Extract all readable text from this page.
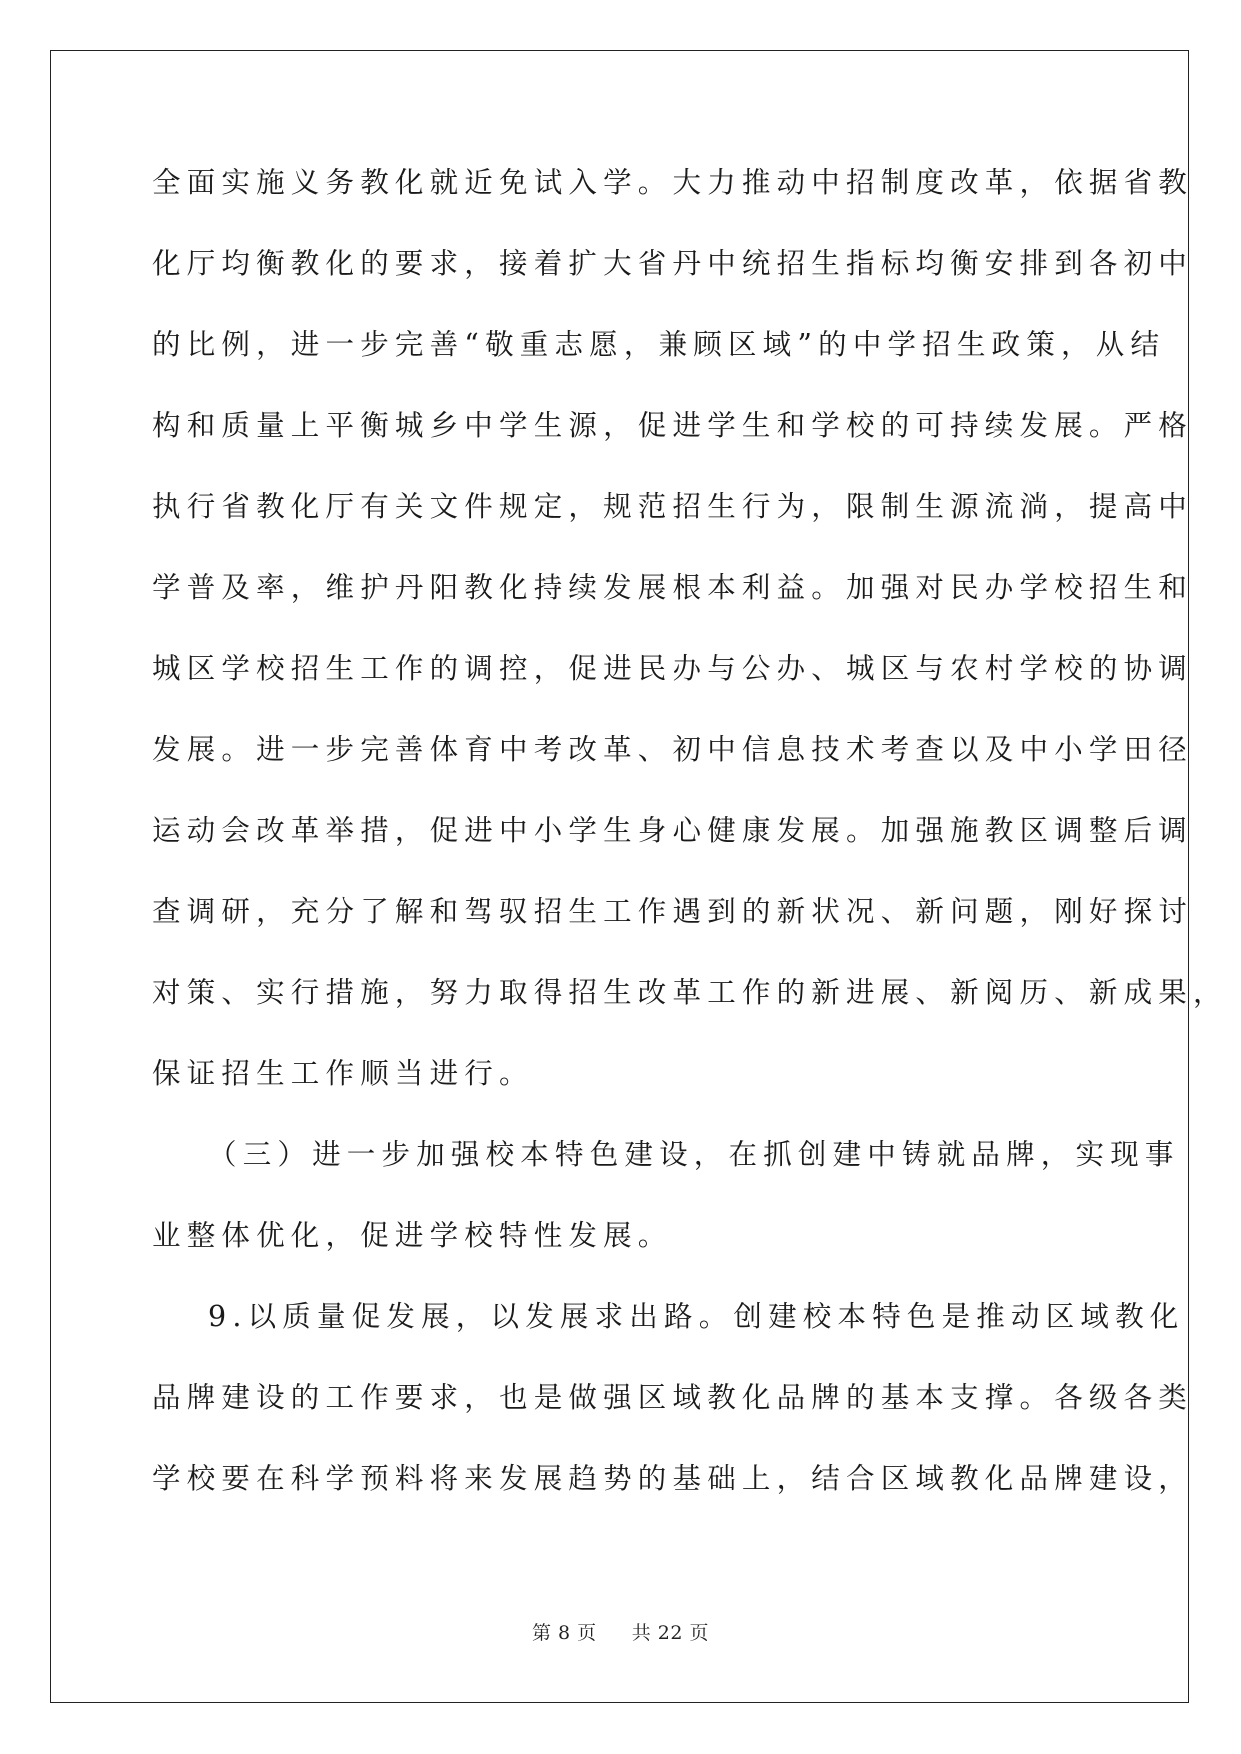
全面实施义务教化就近免试入学。大力推动中招制度改革，依据省教
化厅均衡教化的要求，接着扩大省丹中统招生指标均衡安排到各初中
的比例，进一步完善“敬重志愿，兼顾区域”的中学招生政策，从结
构和质量上平衡城乡中学生源，促进学生和学校的可持续发展。严格
执行省教化厅有关文件规定，规范招生行为，限制生源流淌，提高中
学普及率，维护丹阳教化持续发展根本利益。加强对民办学校招生和
城区学校招生工作的调控，促进民办与公办、城区与农村学校的协调
发展。进一步完善体育中考改革、初中信息技术考查以及中小学田径
运动会改革举措，促进中小学生身心健康发展。加强施教区调整后调
查调研，充分了解和驾驭招生工作遇到的新状况、新问题，刚好探讨
对策、实行措施，努力取得招生改革工作的新进展、新阅历、新成果，
保证招生工作顺当进行。
（三）进一步加强校本特色建设，在抓创建中铸就品牌，实现事
业整体优化，促进学校特性发展。
9.以质量促发展，以发展求出路。创建校本特色是推动区域教化
品牌建设的工作要求，也是做强区域教化品牌的基本支撑。各级各类
学校要在科学预料将来发展趋势的基础上，结合区域教化品牌建设，
第 8 页 共 22 页
